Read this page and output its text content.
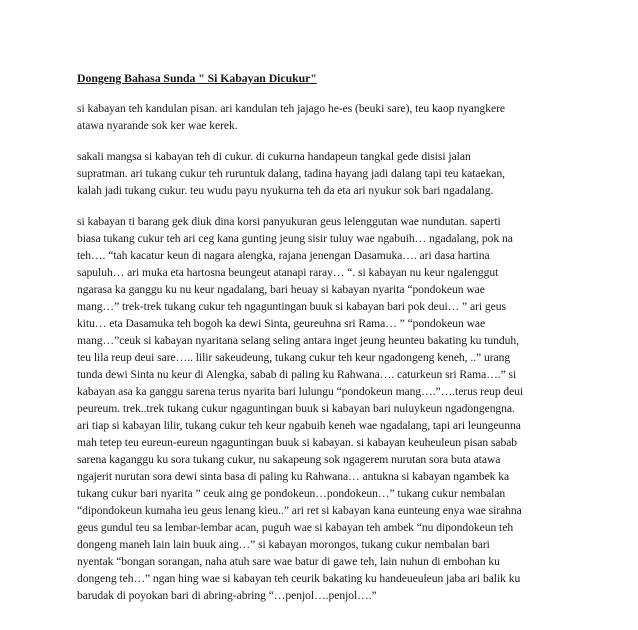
Dongeng Bahasa Sunda " Si Kabayan Dicukur"
si kabayan teh kandulan pisan. ari kandulan teh jajago he-es (beuki sare), teu kaop nyangkere
atawa nyarande sok ker wae kerek.
sakali mangsa si kabayan teh di cukur. di cukurna handapeun tangkal gede disisi jalan
supratman. ari tukang cukur teh ruruntuk dalang, tadina hayang jadi dalang tapi teu kataekan,
kalah jadi tukang cukur. teu wudu payu nyukurna teh da eta ari nyukur sok bari ngadalang.
si kabayan ti barang gek diuk dina korsi panyukuran geus lelenggutan wae nundutan. saperti
biasa tukang cukur teh ari ceg kana gunting jeung sisir tuluy wae ngabuih… ngadalang, pok na
teh…. “tah kacatur keun di nagara alengka, rajana jenengan Dasamuka…. ari dasa hartina
sapuluh… ari muka eta hartosna beungeut atanapi raray… “. si kabayan nu keur ngalenggut
ngarasa ka ganggu ku nu keur ngadalang, bari heuay si kabayan nyarita “pondokeun wae
mang…” trek-trek tukang cukur teh ngaguntingan buuk si kabayan bari pok deui… ” ari geus
kitu… eta Dasamuka teh bogoh ka dewi Sinta, geureuhna sri Rama… ” “pondokeun wae
mang…”ceuk si kabayan nyaritana selang seling antara inget jeung heunteu bakating ku tunduh,
teu lila reup deui sare….. lilir sakeudeung, tukang cukur teh keur ngadongeng keneh, ..” urang
tunda dewi Sinta nu keur di Alengka, sabab di paling ku Rahwana…. caturkeun sri Rama….” si
kabayan asa ka ganggu sarena terus nyarita bari lulungu “pondokeun mang….”….terus reup deui
peureum. trek..trek tukang cukur ngaguntingan buuk si kabayan bari nuluykeun ngadongengna.
ari tiap si kabayan lilir, tukang cukur teh keur ngabuih keneh wae ngadalang, tapi ari leungeunna
mah tetep teu eureun-eureun ngaguntingan buuk si kabayan. si kabayan keuheuleun pisan sabab
sarena kaganggu ku sora tukang cukur, nu sakapeung sok ngagerem nurutan sora buta atawa
ngajerit nurutan sora dewi sinta basa di paling ku Rahwana… antukna si kabayan ngambek ka
tukang cukur bari nyarita ” ceuk aing ge pondokeun…pondokeun…” tukang cukur nembalan
“dipondokeun kumaha ieu geus lenang kieu..” ari ret si kabayan kana eunteung enya wae sirahna
geus gundul teu sa lembar-lembar acan, puguh wae si kabayan teh ambek “nu dipondokeun teh
dongeng maneh lain lain buuk aing…” si kabayan morongos, tukang cukur nembalan bari
nyentak “bongan sorangan, naha atuh sare wae batur di gawe teh, lain nuhun di embohan ku
dongeng teh…” ngan hing wae si kabayan teh ceurik bakating ku handeueuleun jaba ari balik ku
barudak di poyokan bari di abring-abring “…penjol….penjol….”
